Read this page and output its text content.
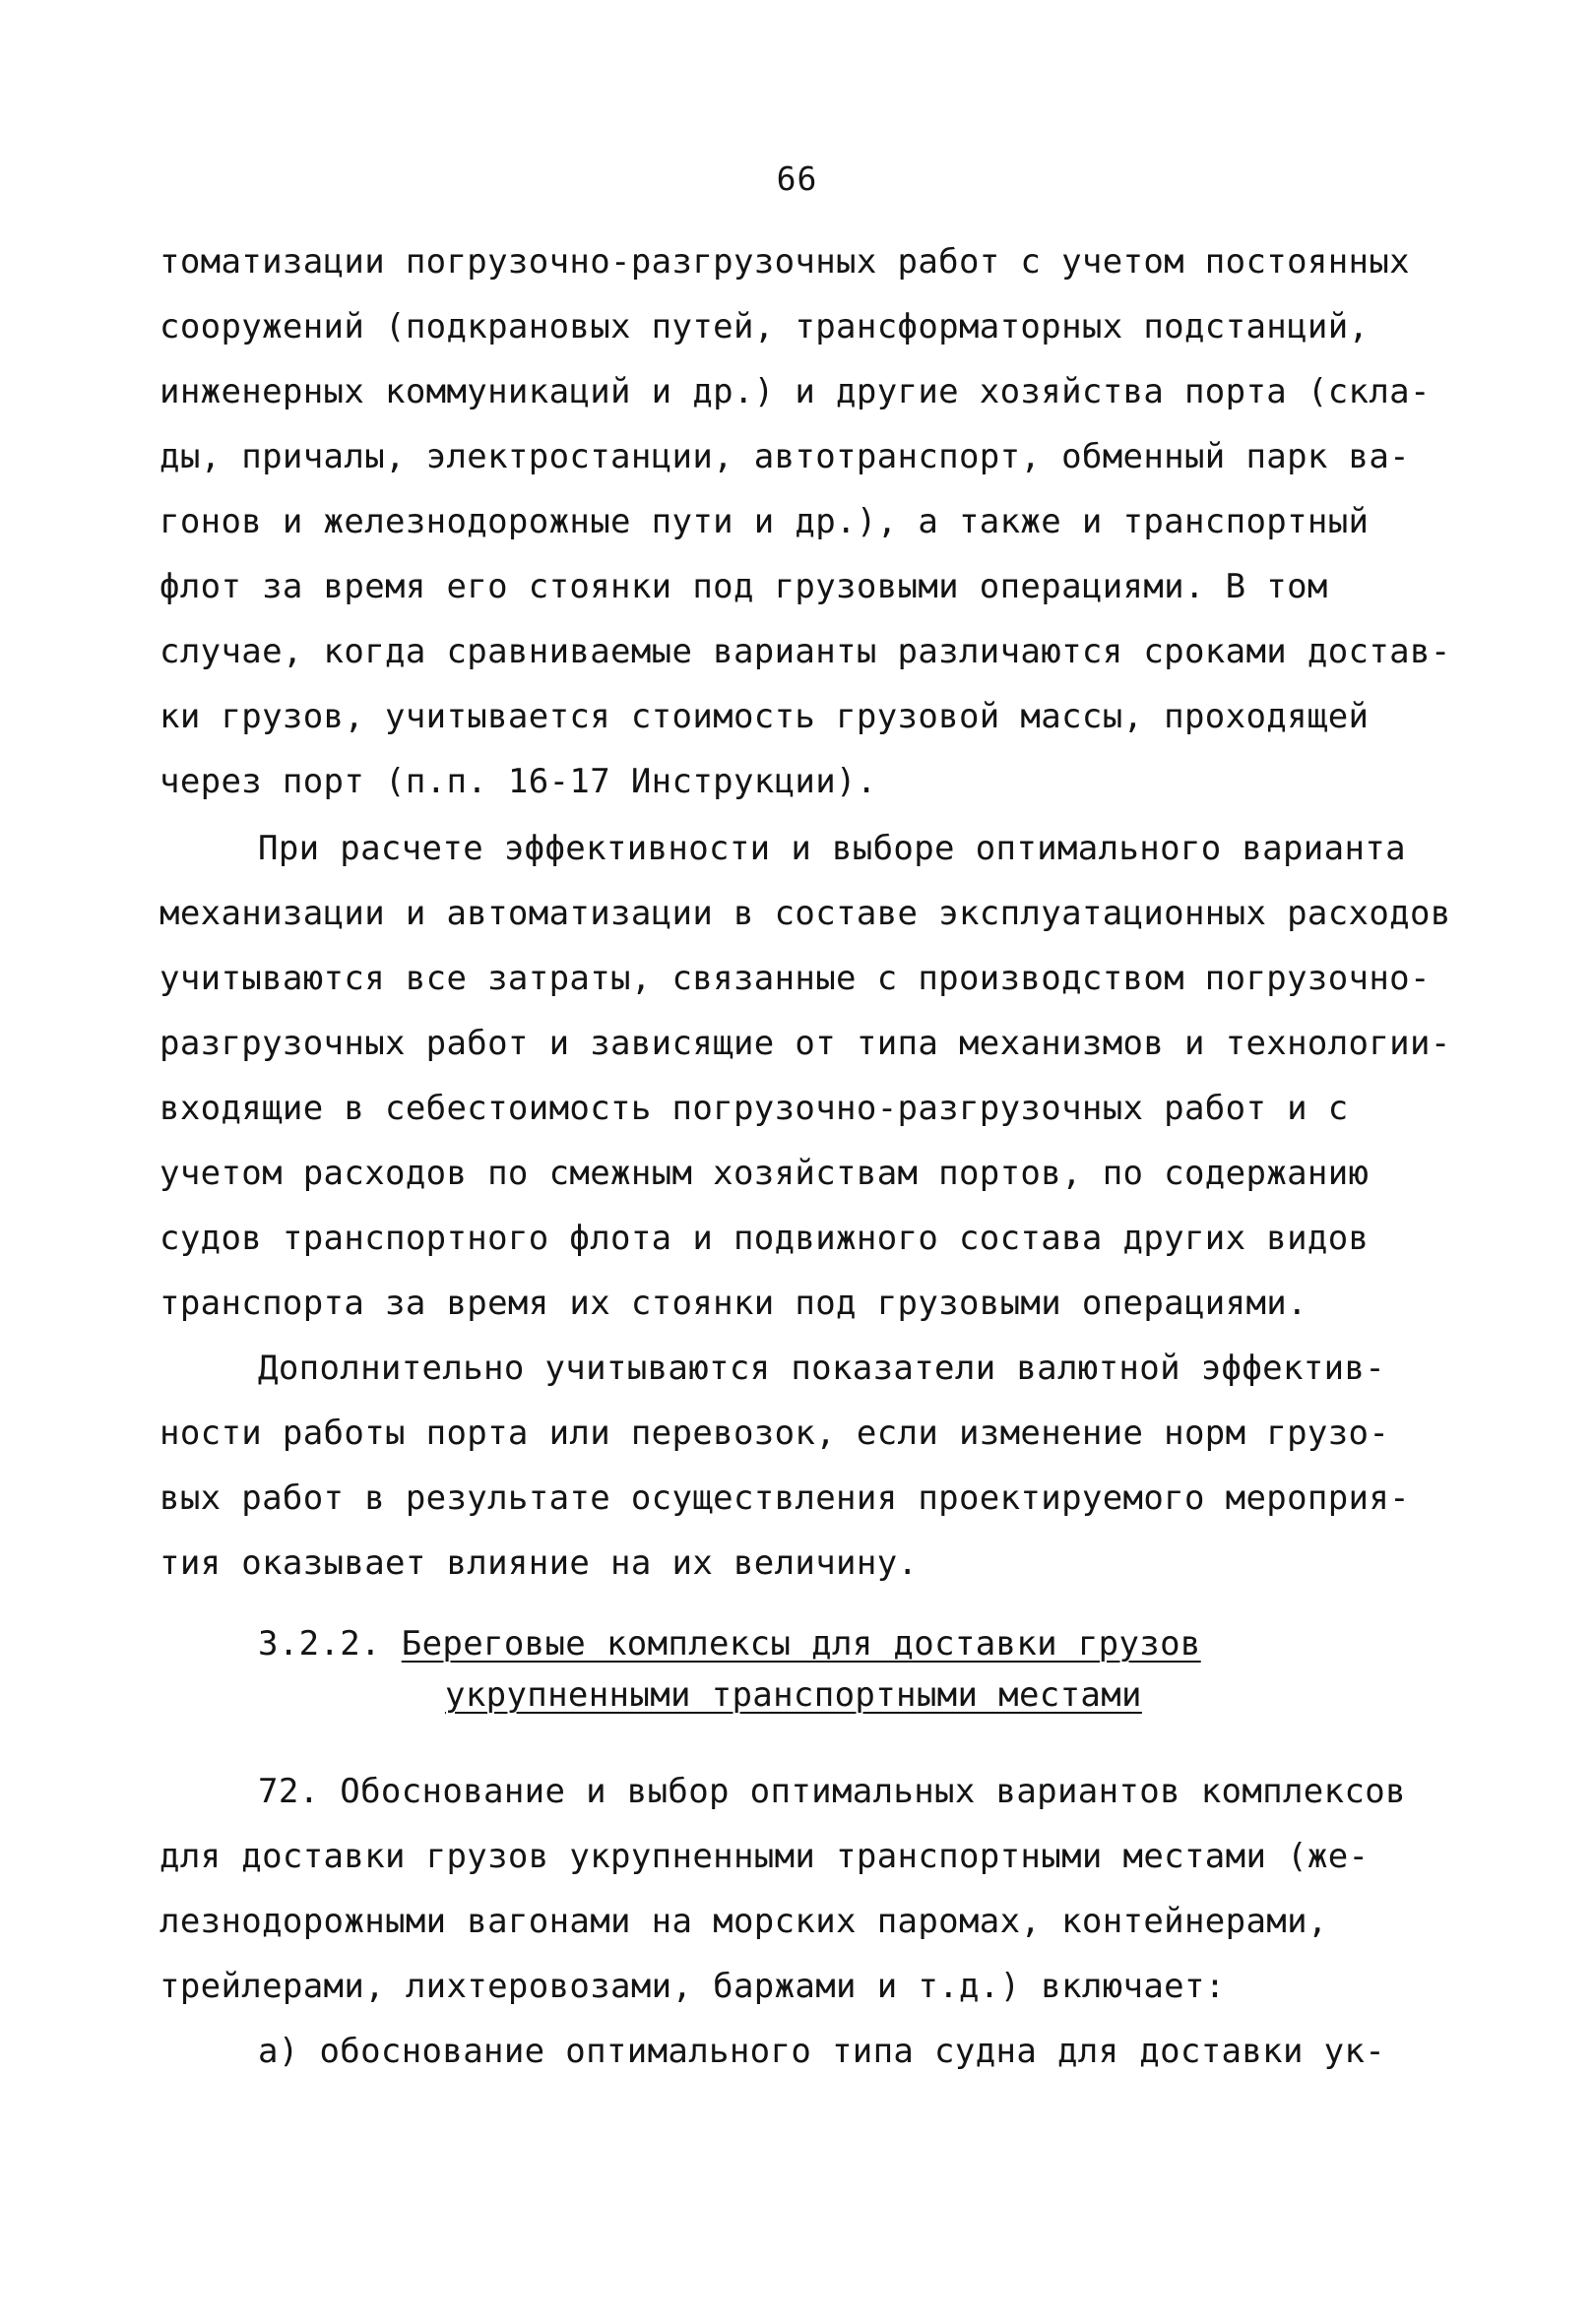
66
томатизации погрузочно-разгрузочных работ с учетом постоянных
сооружений (подкрановых путей, трансформаторных подстанций,
инженерных коммуникаций и др.) и другие хозяйства порта (скла-
ды, причалы, электростанции, автотранспорт, обменный парк ва-
гонов и железнодорожные пути и др.), а также и транспортный
флот за время его стоянки под грузовыми операциями. В том
случае, когда сравниваемые варианты различаются сроками достав-
ки грузов, учитывается стоимость грузовой массы, проходящей
через порт (п.п. 16-17 Инструкции).
При расчете эффективности и выборе оптимального варианта
механизации и автоматизации в составе эксплуатационных расходов
учитываются все затраты, связанные с производством погрузочно-
разгрузочных работ и зависящие от типа механизмов и технологии-
входящие в себестоимость погрузочно-разгрузочных работ и с
учетом расходов по смежным хозяйствам портов, по содержанию
судов транспортного флота и подвижного состава других видов
транспорта за время их стоянки под грузовыми операциями.
Дополнительно учитываются показатели валютной эффектив-
ности работы порта или перевозок, если изменение норм грузо-
вых работ в результате осуществления проектируемого мероприя-
тия оказывает влияние на их величину.
3.2.2. Береговые комплексы для доставки грузов
укрупненными транспортными местами
72. Обоснование и выбор оптимальных вариантов комплексов
для доставки грузов укрупненными транспортными местами (же-
лезнодорожными вагонами на морских паромах, контейнерами,
трейлерами, лихтеровозами, баржами и т.д.) включает:
а) обоснование оптимального типа судна для доставки ук-
